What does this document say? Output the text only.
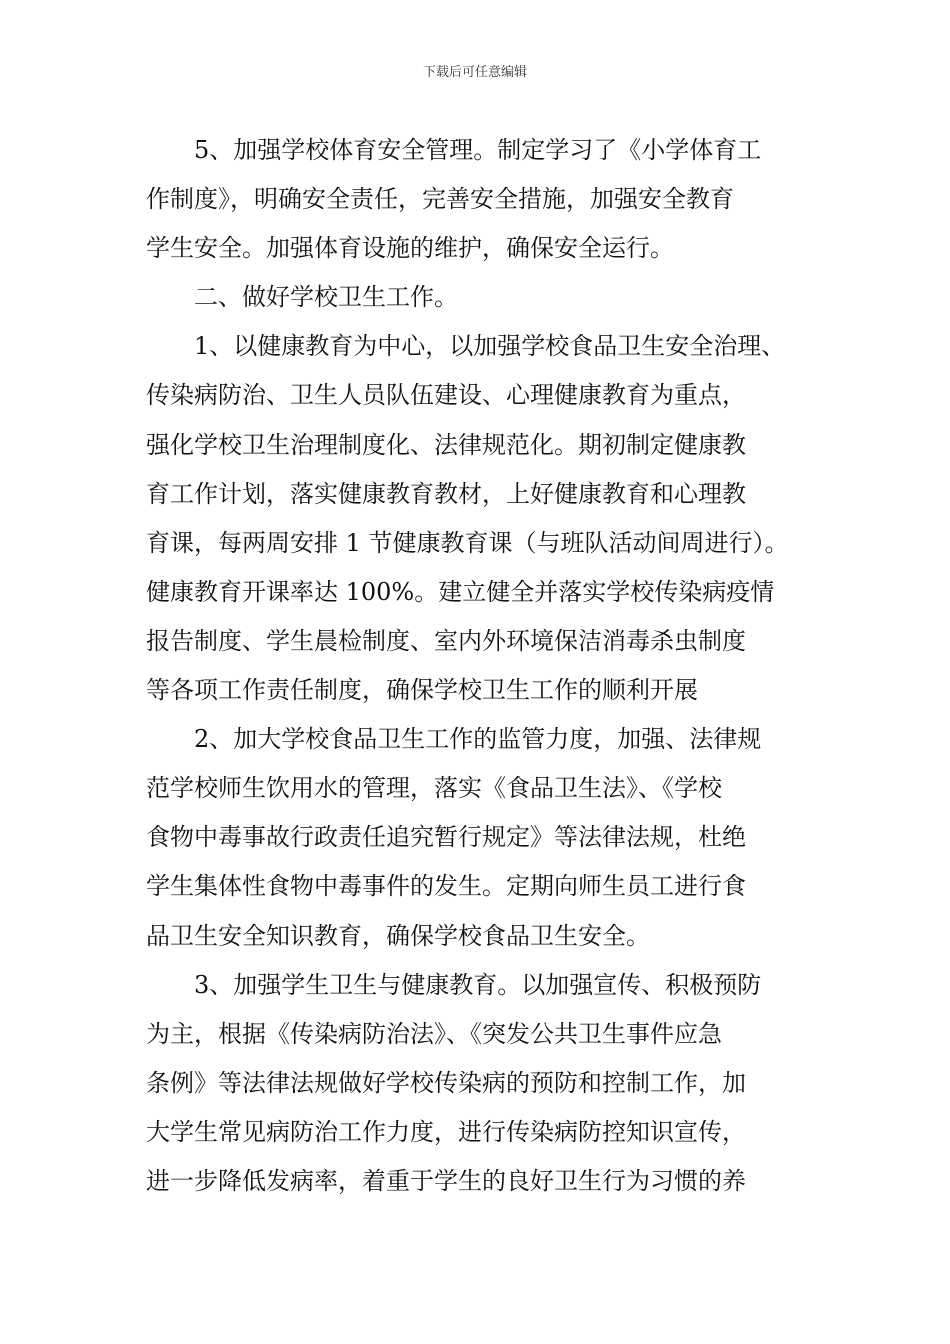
下载后可任意编辑
5、加强学校体育安全管理。制定学习了《小学体育工
作制度》，明确安全责任，完善安全措施，加强安全教育
学生安全。加强体育设施的维护，确保安全运行。
二、做好学校卫生工作。
1、以健康教育为中心，以加强学校食品卫生安全治理、
传染病防治、卫生人员队伍建设、心理健康教育为重点，
强化学校卫生治理制度化、法律规范化。期初制定健康教
育工作计划，落实健康教育教材，上好健康教育和心理教
育课，每两周安排 1 节健康教育课（与班队活动间周进行）。
健康教育开课率达 100%。建立健全并落实学校传染病疫情
报告制度、学生晨检制度、室内外环境保洁消毒杀虫制度
等各项工作责任制度，确保学校卫生工作的顺利开展
2、加大学校食品卫生工作的监管力度，加强、法律规
范学校师生饮用水的管理，落实《食品卫生法》、《学校
食物中毒事故行政责任追究暂行规定》等法律法规，杜绝
学生集体性食物中毒事件的发生。定期向师生员工进行食
品卫生安全知识教育，确保学校食品卫生安全。
3、加强学生卫生与健康教育。以加强宣传、积极预防
为主，根据《传染病防治法》、《突发公共卫生事件应急
条例》等法律法规做好学校传染病的预防和控制工作，加
大学生常见病防治工作力度，进行传染病防控知识宣传，
进一步降低发病率，着重于学生的良好卫生行为习惯的养
